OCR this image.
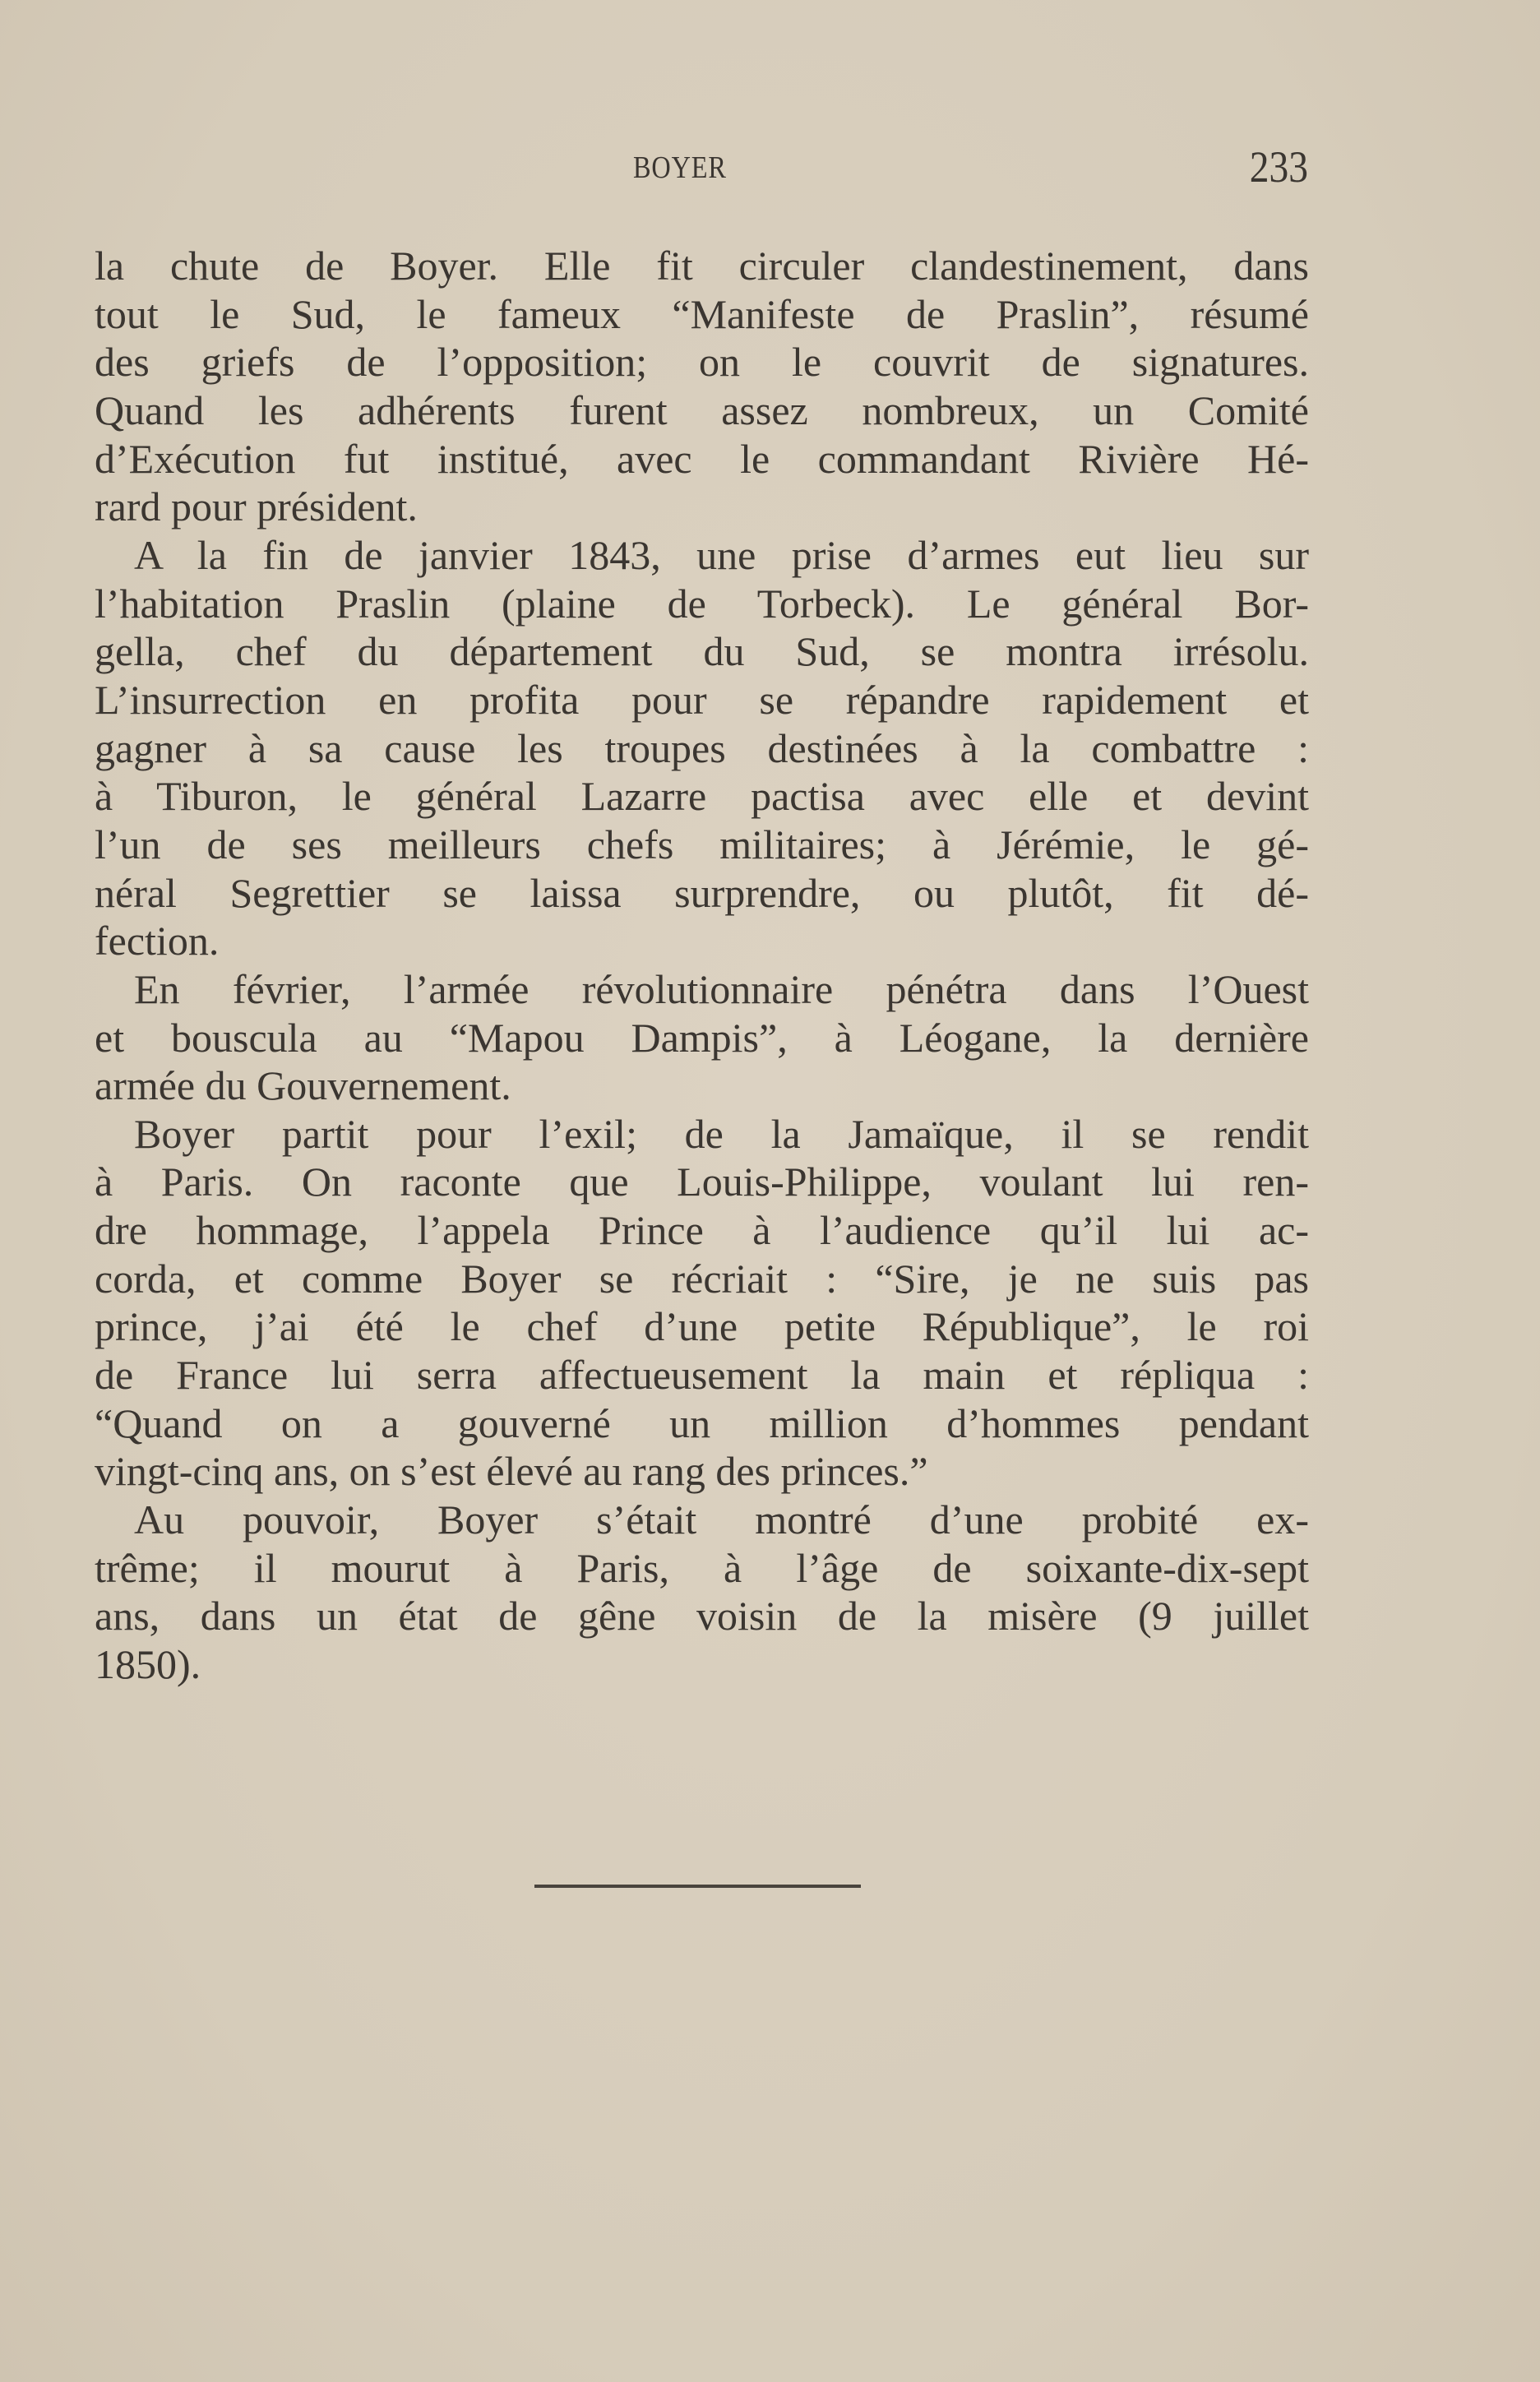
BOYER	233
la chute de Boyer. Elle fit circuler clandestinement, dans
tout le Sud, le fameux “Manifeste de Praslin”, résumé
des griefs de l’opposition; on le couvrit de signatures.
Quand les adhérents furent assez nombreux, un Comité
d’Exécution fut institué, avec le commandant Rivière Hé-
rard pour président.
A la fin de janvier 1843, une prise d’armes eut lieu sur
l’habitation Praslin (plaine de Torbeck). Le général Bor-
gella, chef du département du Sud, se montra irrésolu.
L’insurrection en profita pour se répandre rapidement et
gagner à sa cause les troupes destinées à la combattre :
à Tiburon, le général Lazarre pactisa avec elle et devint
l’un de ses meilleurs chefs militaires; à Jérémie, le gé-
néral Segrettier se laissa surprendre, ou plutôt, fit dé-
fection.
En février, l’armée révolutionnaire pénétra dans l’Ouest
et bouscula au “Mapou Dampis”, à Léogane, la dernière
armée du Gouvernement.
Boyer partit pour l’exil; de la Jamaïque, il se rendit
à Paris. On raconte que Louis-Philippe, voulant lui ren-
dre hommage, l’appela Prince à l’audience qu’il lui ac-
corda, et comme Boyer se récriait : “Sire, je ne suis pas
prince, j’ai été le chef d’une petite République”, le roi
de France lui serra affectueusement la main et répliqua :
“Quand on a gouverné un million d’hommes pendant
vingt-cinq ans, on s’est élevé au rang des princes.”
Au pouvoir, Boyer s’était montré d’une probité ex-
trême; il mourut à Paris, à l’âge de soixante-dix-sept
ans, dans un état de gêne voisin de la misère (9 juillet
1850).
